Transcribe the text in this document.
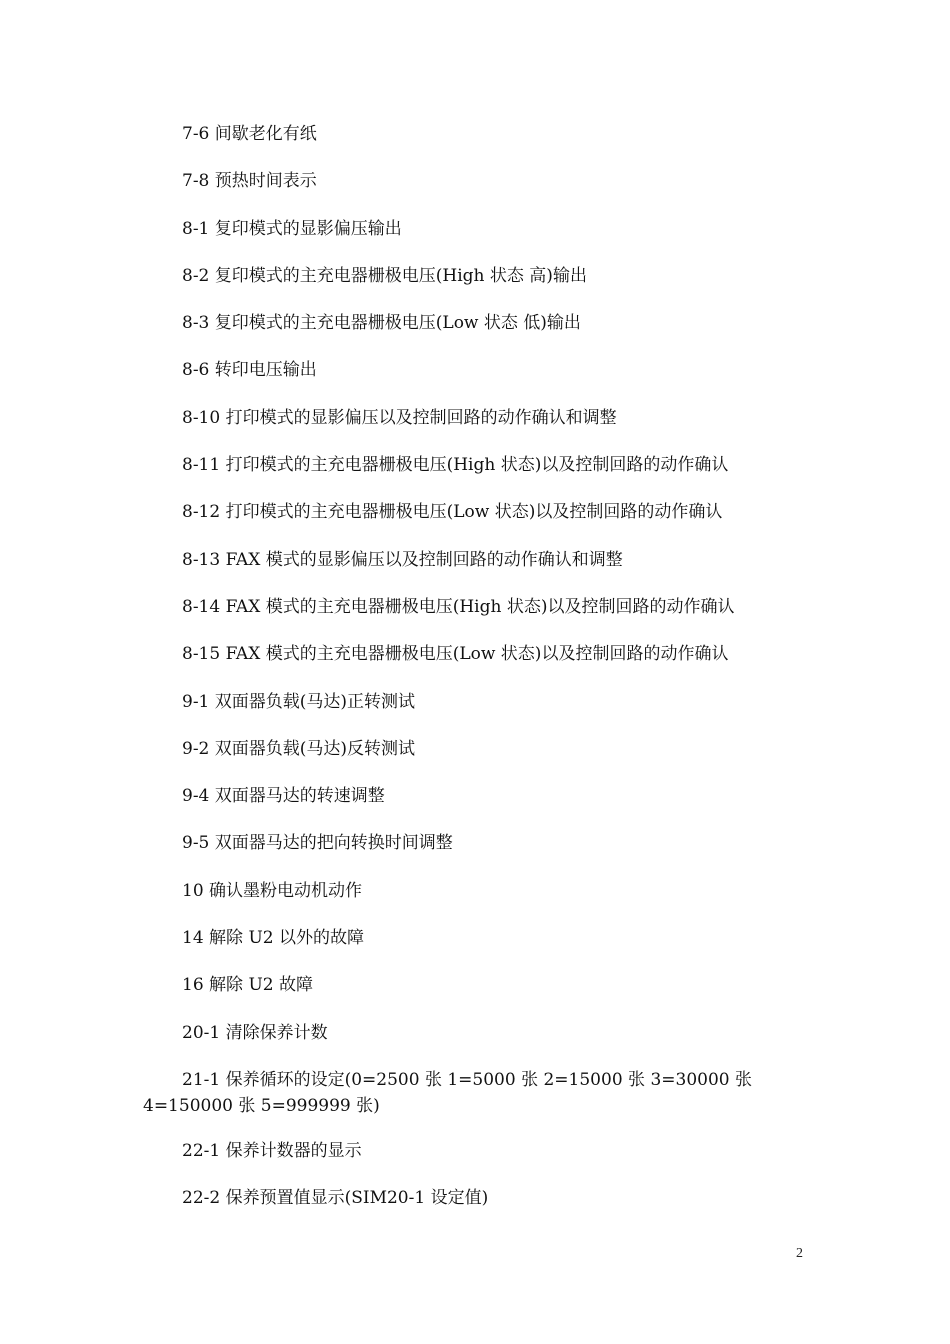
7-6 间歇老化有纸
7-8 预热时间表示
8-1 复印模式的显影偏压输出
8-2 复印模式的主充电器栅极电压(High 状态 高)输出
8-3 复印模式的主充电器栅极电压(Low 状态 低)输出
8-6 转印电压输出
8-10 打印模式的显影偏压以及控制回路的动作确认和调整
8-11 打印模式的主充电器栅极电压(High 状态)以及控制回路的动作确认
8-12 打印模式的主充电器栅极电压(Low 状态)以及控制回路的动作确认
8-13 FAX 模式的显影偏压以及控制回路的动作确认和调整
8-14 FAX 模式的主充电器栅极电压(High 状态)以及控制回路的动作确认
8-15 FAX 模式的主充电器栅极电压(Low 状态)以及控制回路的动作确认
9-1 双面器负载(马达)正转测试
9-2 双面器负载(马达)反转测试
9-4 双面器马达的转速调整
9-5 双面器马达的把向转换时间调整
10 确认墨粉电动机动作
14 解除 U2 以外的故障
16 解除 U2 故障
20-1 清除保养计数
21-1 保养循环的设定(0=2500 张 1=5000 张 2=15000 张 3=30000 张 4=150000 张 5=999999 张)
22-1 保养计数器的显示
22-2 保养预置值显示(SIM20-1 设定值)
2
